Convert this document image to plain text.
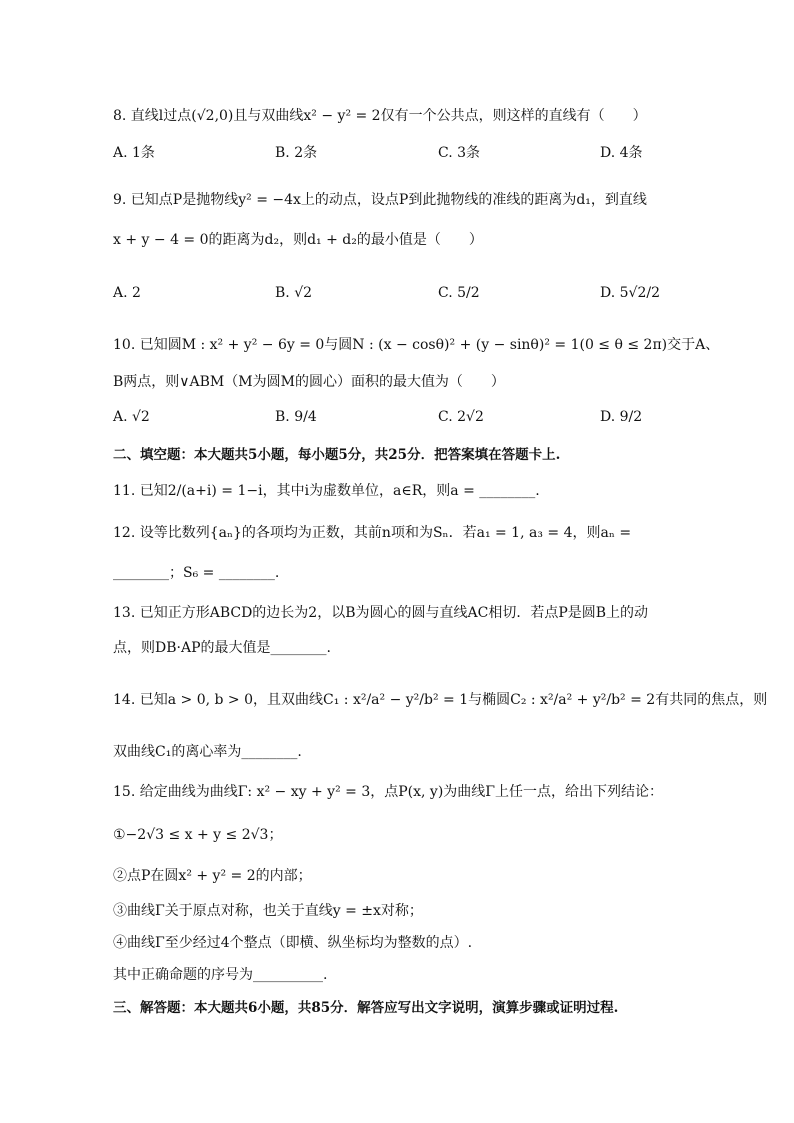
8. 直线l过点(√2,0)且与双曲线x² − y² = 2仅有一个公共点，则这样的直线有（　　）
A. 1条	B. 2条	C. 3条	D. 4条
9. 已知点P是抛物线y² = −4x上的动点，设点P到此抛物线的准线的距离为d₁，到直线
x + y − 4 = 0的距离为d₂，则d₁ + d₂的最小值是（　　）
A. 2	B. √2	C. 5/2	D. 5√2/2
10. 已知圆M : x² + y² − 6y = 0与圆N : (x − cosθ)² + (y − sinθ)² = 1(0 ≤ θ ≤ 2π)交于A、
B两点，则∨ABM（M为圆M的圆心）面积的最大值为（　　）
A. √2	B. 9/4	C. 2√2	D. 9/2
二、填空题：本大题共5小题，每小题5分，共25分．把答案填在答题卡上.
11. 已知2/(a+i) = 1−i，其中i为虚数单位，a∈R，则a = ________.
12. 设等比数列{aₙ}的各项均为正数，其前n项和为Sₙ．若a₁ = 1, a₃ = 4，则aₙ =
________；S₆ = ________.
13. 已知正方形ABCD的边长为2，以B为圆心的圆与直线AC相切．若点P是圆B上的动
点，则DB·AP的最大值是________.
14. 已知a > 0, b > 0，且双曲线C₁ : x²/a² − y²/b² = 1与椭圆C₂ : x²/a² + y²/b² = 2有共同的焦点，则
双曲线C₁的离心率为________.
15. 给定曲线为曲线Γ: x² − xy + y² = 3，点P(x, y)为曲线Γ上任一点，给出下列结论：
①−2√3 ≤ x + y ≤ 2√3；
②点P在圆x² + y² = 2的内部；
③曲线Γ关于原点对称，也关于直线y = ±x对称；
④曲线Γ至少经过4个整点（即横、纵坐标均为整数的点）.
其中正确命题的序号为__________.
三、解答题：本大题共6小题，共85分．解答应写出文字说明，演算步骤或证明过程.
